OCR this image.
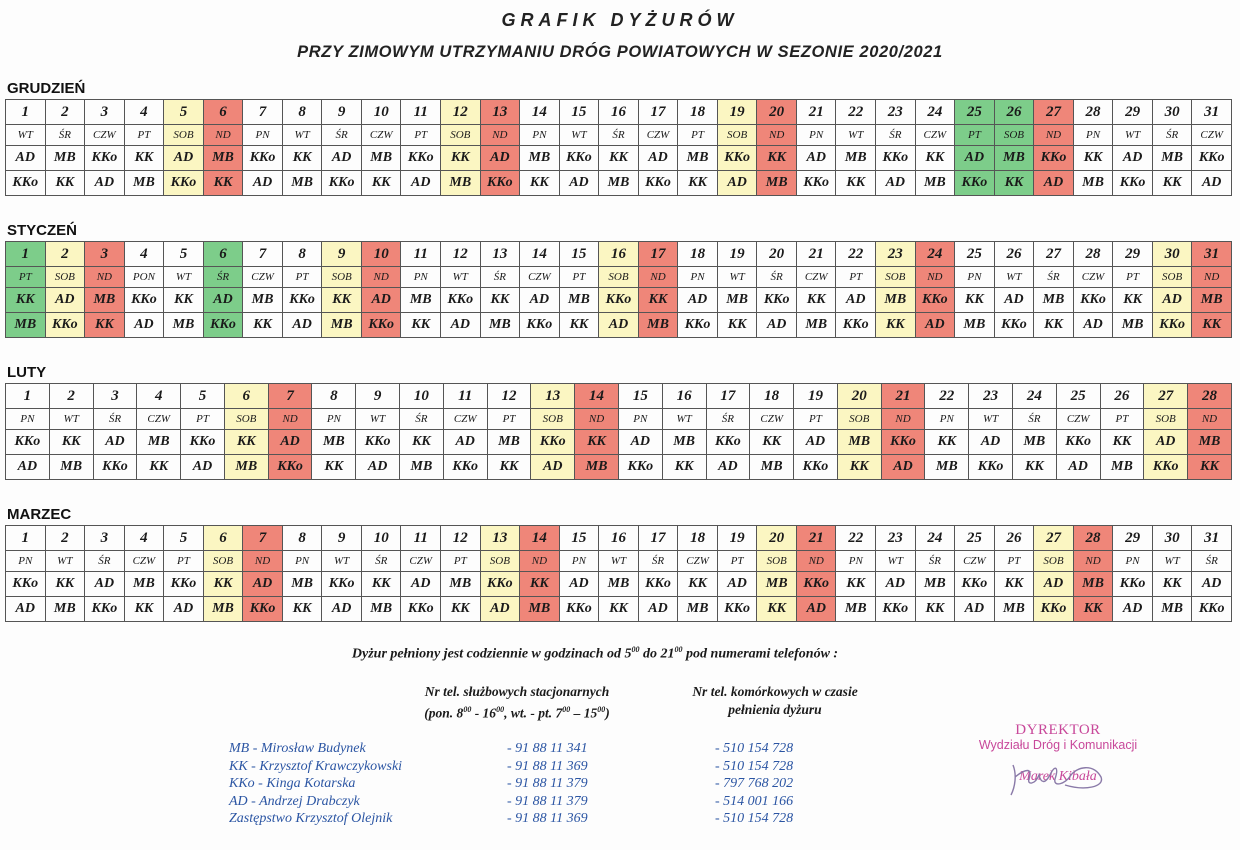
GRAFIK DYŻURÓW
PRZY ZIMOWYM UTRZYMANIU DRÓG POWIATOWYCH W SEZONIE 2020/2021
GRUDZIEŃ
1	2	3	4	5	6	7	8	9	10	11	12	13	14	15	16	17	18	19	20	21	22	23	24	25	26	27	28	29	30	31
WT	ŚR	CZW	PT	SOB	ND	PN	WT	ŚR	CZW	PT	SOB	ND	PN	WT	ŚR	CZW	PT	SOB	ND	PN	WT	ŚR	CZW	PT	SOB	ND	PN	WT	ŚR	CZW
AD	MB	KKo	KK	AD	MB	KKo	KK	AD	MB	KKo	KK	AD	MB	KKo	KK	AD	MB	KKo	KK	AD	MB	KKo	KK	AD	MB	KKo	KK	AD	MB	KKo
KKo	KK	AD	MB	KKo	KK	AD	MB	KKo	KK	AD	MB	KKo	KK	AD	MB	KKo	KK	AD	MB	KKo	KK	AD	MB	KKo	KK	AD	MB	KKo	KK	AD
STYCZEŃ
1	2	3	4	5	6	7	8	9	10	11	12	13	14	15	16	17	18	19	20	21	22	23	24	25	26	27	28	29	30	31
PT	SOB	ND	PON	WT	ŚR	CZW	PT	SOB	ND	PN	WT	ŚR	CZW	PT	SOB	ND	PN	WT	ŚR	CZW	PT	SOB	ND	PN	WT	ŚR	CZW	PT	SOB	ND
KK	AD	MB	KKo	KK	AD	MB	KKo	KK	AD	MB	KKo	KK	AD	MB	KKo	KK	AD	MB	KKo	KK	AD	MB	KKo	KK	AD	MB	KKo	KK	AD	MB
MB	KKo	KK	AD	MB	KKo	KK	AD	MB	KKo	KK	AD	MB	KKo	KK	AD	MB	KKo	KK	AD	MB	KKo	KK	AD	MB	KKo	KK	AD	MB	KKo	KK
LUTY
1	2	3	4	5	6	7	8	9	10	11	12	13	14	15	16	17	18	19	20	21	22	23	24	25	26	27	28
PN	WT	ŚR	CZW	PT	SOB	ND	PN	WT	ŚR	CZW	PT	SOB	ND	PN	WT	ŚR	CZW	PT	SOB	ND	PN	WT	ŚR	CZW	PT	SOB	ND
KKo	KK	AD	MB	KKo	KK	AD	MB	KKo	KK	AD	MB	KKo	KK	AD	MB	KKo	KK	AD	MB	KKo	KK	AD	MB	KKo	KK	AD	MB
AD	MB	KKo	KK	AD	MB	KKo	KK	AD	MB	KKo	KK	AD	MB	KKo	KK	AD	MB	KKo	KK	AD	MB	KKo	KK	AD	MB	KKo	KK
MARZEC
1	2	3	4	5	6	7	8	9	10	11	12	13	14	15	16	17	18	19	20	21	22	23	24	25	26	27	28	29	30	31
PN	WT	ŚR	CZW	PT	SOB	ND	PN	WT	ŚR	CZW	PT	SOB	ND	PN	WT	ŚR	CZW	PT	SOB	ND	PN	WT	ŚR	CZW	PT	SOB	ND	PN	WT	ŚR
KKo	KK	AD	MB	KKo	KK	AD	MB	KKo	KK	AD	MB	KKo	KK	AD	MB	KKo	KK	AD	MB	KKo	KK	AD	MB	KKo	KK	AD	MB	KKo	KK	AD
AD	MB	KKo	KK	AD	MB	KKo	KK	AD	MB	KKo	KK	AD	MB	KKo	KK	AD	MB	KKo	KK	AD	MB	KKo	KK	AD	MB	KKo	KK	AD	MB	KKo
Dyżur pełniony jest codziennie w godzinach od $5^{00}$ do $21^{00}$ pod numerami telefonów :
Nr tel. służbowych stacjonarnych
(pon. $8^{00} - 16^{00}$, wt. - pt. $7^{00} - 15^{00}$)
Nr tel. komórkowych w czasie
pełnienia dyżuru
MB - Mirosław Budynek	- 91 88 11 341	- 510 154 728
KK - Krzysztof Krawczykowski	- 91 88 11 369	- 510 154 728
KKo - Kinga Kotarska	- 91 88 11 379	- 797 768 202
AD - Andrzej Drabczyk	- 91 88 11 379	- 514 001 166
Zastępstwo Krzysztof Olejnik	- 91 88 11 369	- 510 154 728
DYREKTOR
Wydziału Dróg i Komunikacji
Marek Kibała
